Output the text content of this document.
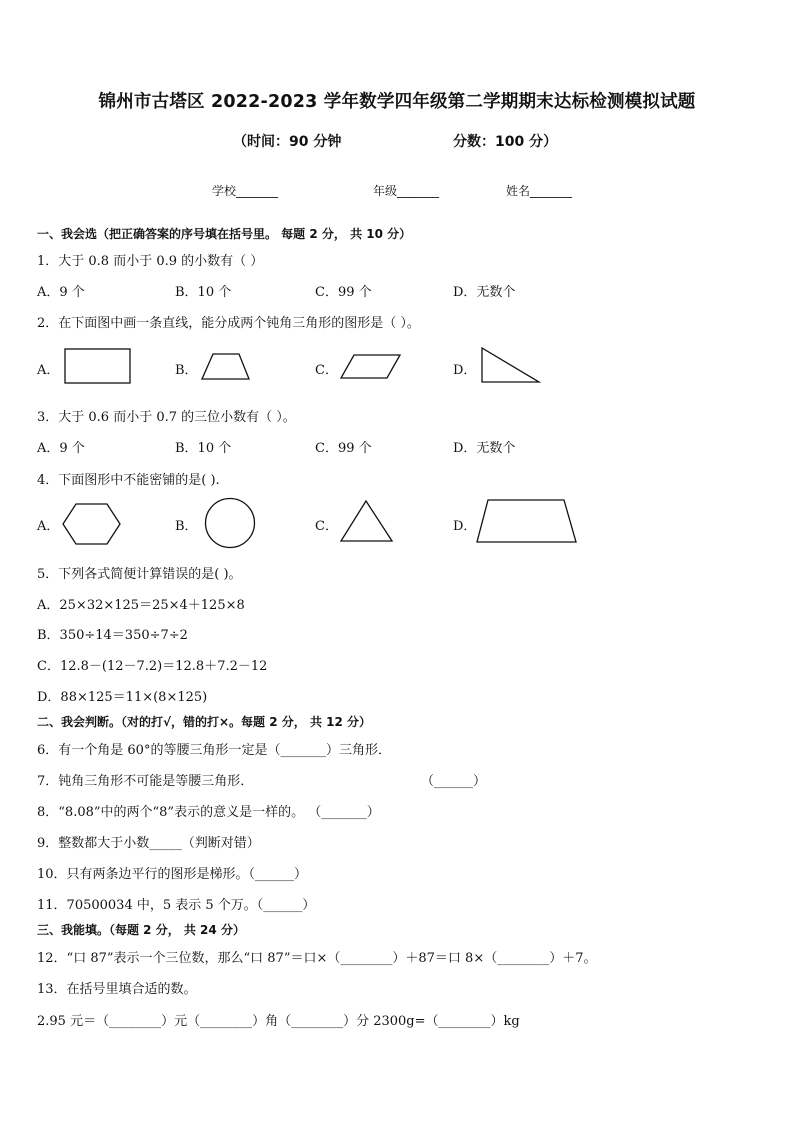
锦州市古塔区 2022-2023 学年数学四年级第二学期期末达标检测模拟试题
（时间：90 分钟	分数：100 分）
学校_______	年级_______	姓名_______
一、我会选（把正确答案的序号填在括号里。 每题 2 分， 共 10 分）
1．大于 0.8 而小于 0.9 的小数有（ ）
A．9 个	B．10 个	C．99 个	D．无数个
2．在下面图中画一条直线，能分成两个钝角三角形的图形是（ ）。
A．	B．	C．	D．
3．大于 0.6 而小于 0.7 的三位小数有（ ）。
A．9 个	B．10 个	C．99 个	D．无数个
4．下面图形中不能密铺的是( ).
A．	B．	C．	D．
5．下列各式简便计算错误的是( )。
A．25×32×125＝25×4＋125×8
B．350÷14＝350÷7÷2
C．12.8－(12－7.2)＝12.8＋7.2－12
D．88×125＝11×(8×125)
二、我会判断。（对的打√，错的打×。每题 2 分， 共 12 分）
6．有一个角是 60°的等腰三角形一定是（_______）三角形．
7．钝角三角形不可能是等腰三角形．	（______）
8．“8.08”中的两个“8”表示的意义是一样的。 （_______）
9．整数都大于小数_____（判断对错）
10．只有两条边平行的图形是梯形。（______）
11．70500034 中，5 表示 5 个万。（______）
三、我能填。（每题 2 分， 共 24 分）
12．“口 87”表示一个三位数，那么“口 87”＝口×（________）＋87＝口 8×（________）＋7。
13．在括号里填合适的数。
2.95 元＝（________）元（________）角（________）分 2300g=（________）kg
